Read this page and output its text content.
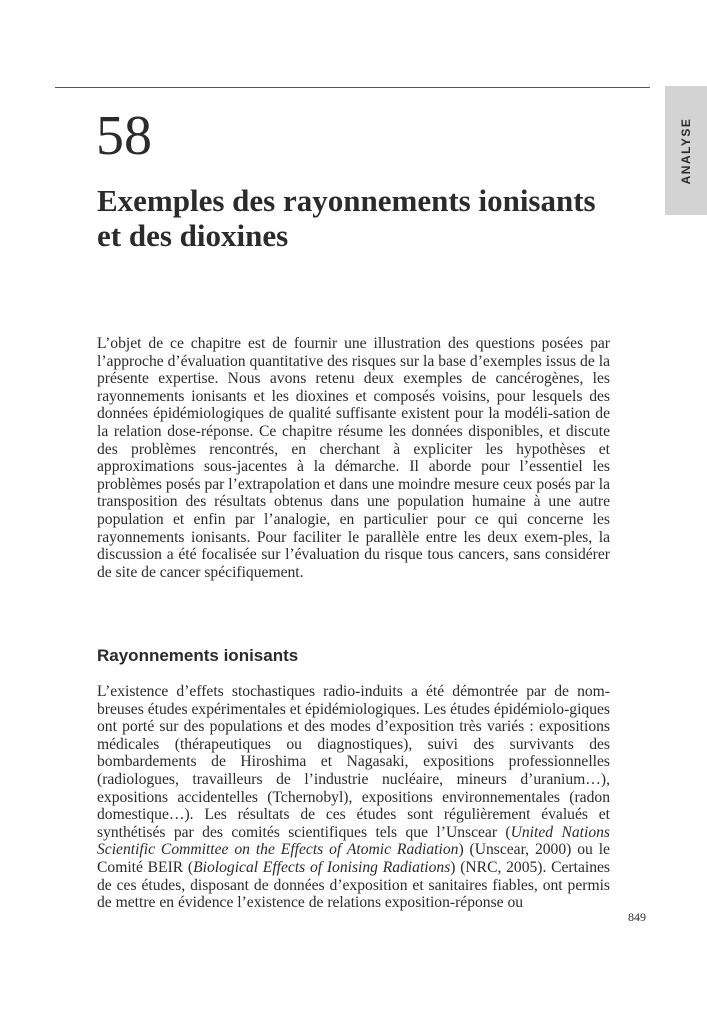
ANALYSE
58
Exemples des rayonnements ionisants et des dioxines

L’objet de ce chapitre est de fournir une illustration des questions posées par l’approche d’évaluation quantitative des risques sur la base d’exemples issus de la présente expertise. Nous avons retenu deux exemples de cancérogènes, les rayonnements ionisants et les dioxines et composés voisins, pour lesquels des données épidémiologiques de qualité suffisante existent pour la modéli-sation de la relation dose-réponse. Ce chapitre résume les données disponibles, et discute des problèmes rencontrés, en cherchant à expliciter les hypothèses et approximations sous-jacentes à la démarche. Il aborde pour l’essentiel les problèmes posés par l’extrapolation et dans une moindre mesure ceux posés par la transposition des résultats obtenus dans une population humaine à une autre population et enfin par l’analogie, en particulier pour ce qui concerne les rayonnements ionisants. Pour faciliter le parallèle entre les deux exem-ples, la discussion a été focalisée sur l’évaluation du risque tous cancers, sans considérer de site de cancer spécifiquement.

Rayonnements ionisants

L’existence d’effets stochastiques radio-induits a été démontrée par de nom-breuses études expérimentales et épidémiologiques. Les études épidémiolo-giques ont porté sur des populations et des modes d’exposition très variés : expositions médicales (thérapeutiques ou diagnostiques), suivi des survivants des bombardements de Hiroshima et Nagasaki, expositions professionnelles (radiologues, travailleurs de l’industrie nucléaire, mineurs d’uranium…), expositions accidentelles (Tchernobyl), expositions environnementales (radon domestique…). Les résultats de ces études sont régulièrement évalués et synthétisés par des comités scientifiques tels que l’Unscear (United Nations Scientific Committee on the Effects of Atomic Radiation) (Unscear, 2000) ou le Comité BEIR (Biological Effects of Ionising Radiations) (NRC, 2005). Certaines de ces études, disposant de données d’exposition et sanitaires fiables, ont permis de mettre en évidence l’existence de relations exposition-réponse ou

849
